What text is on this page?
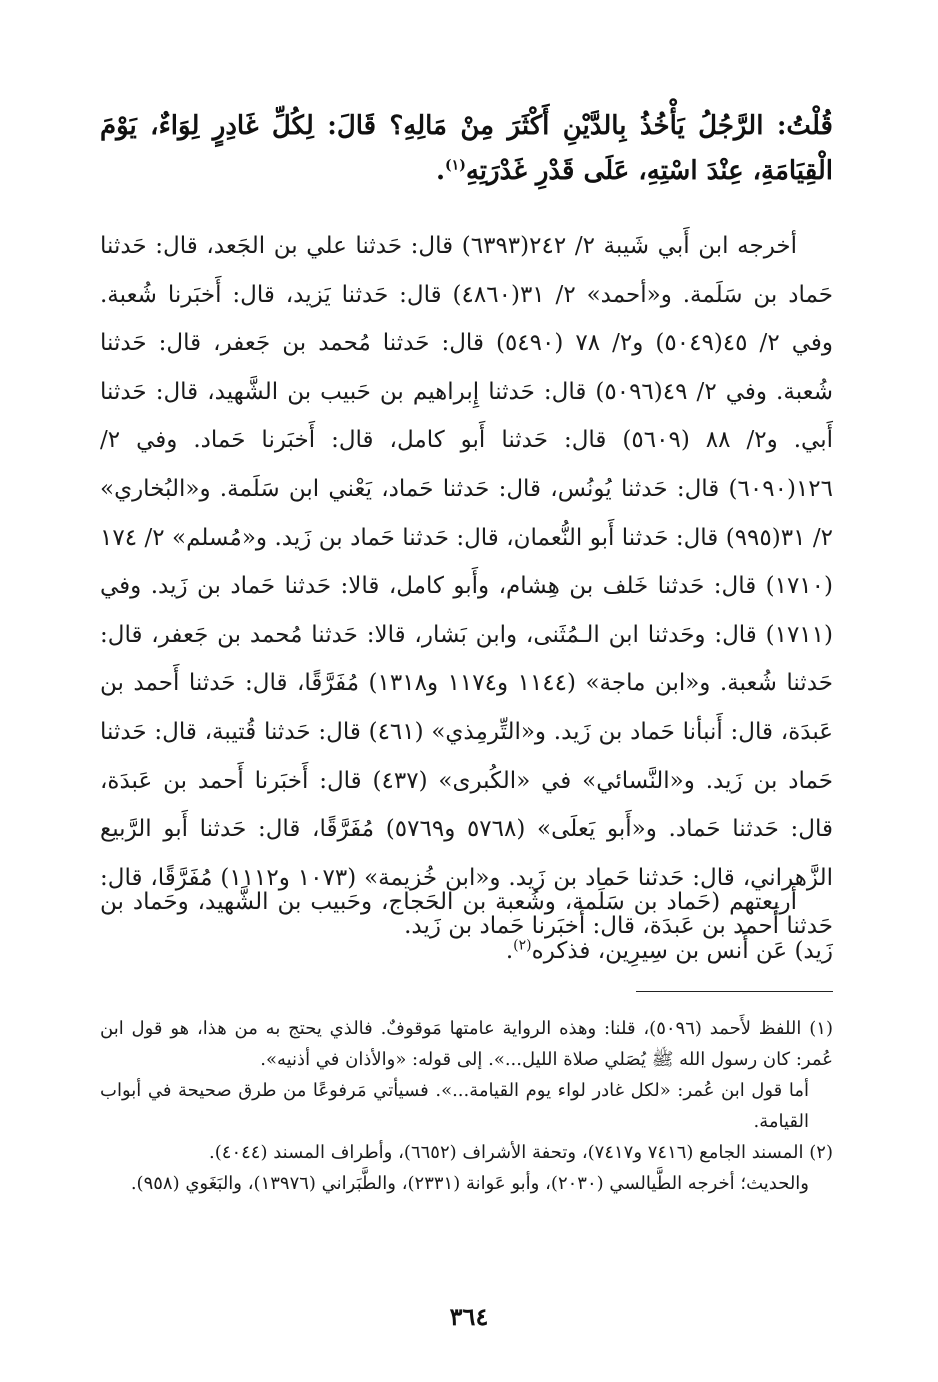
قُلْتُ: الرَّجُلُ يَأْخُذُ بِالدَّيْنِ أَكْثَرَ مِنْ مَالِهِ؟ قَالَ: لِكُلِّ غَادِرٍ لِوَاءٌ، يَوْمَ الْقِيَامَةِ، عِنْدَ اسْتِهِ، عَلَى قَدْرِ غَدْرَتِهِ$^{(١)}$.
أخرجه ابن أَبي شَيبة ٢/ ٢٤٢(٦٣٩٣) قال: حَدثنا علي بن الجَعد، قال: حَدثنا حَماد بن سَلَمة. و«أحمد» ٢/ ٣١(٤٨٦٠) قال: حَدثنا يَزيد، قال: أَخبَرنا شُعبة. وفي ٢/ ٤٥(٥٠٤٩) و٢/ ٧٨ (٥٤٩٠) قال: حَدثنا مُحمد بن جَعفر، قال: حَدثنا شُعبة. وفي ٢/ ٤٩(٥٠٩٦) قال: حَدثنا إِبراهيم بن حَبيب بن الشَّهيد، قال: حَدثنا أَبي. و٢/ ٨٨ (٥٦٠٩) قال: حَدثنا أَبو كامل، قال: أَخبَرنا حَماد. وفي ٢/ ١٢٦(٦٠٩٠) قال: حَدثنا يُونُس، قال: حَدثنا حَماد، يَعْني ابن سَلَمة. و«البُخاري» ٢/ ٣١(٩٩٥) قال: حَدثنا أَبو النُّعمان، قال: حَدثنا حَماد بن زَيد. و«مُسلم» ٢/ ١٧٤ (١٧١٠) قال: حَدثنا خَلف بن هِشام، وأَبو كامل، قالا: حَدثنا حَماد بن زَيد. وفي (١٧١١) قال: وحَدثنا ابن الـمُثَنى، وابن بَشار، قالا: حَدثنا مُحمد بن جَعفر، قال: حَدثنا شُعبة. و«ابن ماجة» (١١٤٤ و١١٧٤ و١٣١٨) مُفَرَّقًا، قال: حَدثنا أَحمد بن عَبدَة، قال: أَنبأنا حَماد بن زَيد. و«التِّرمِذي» (٤٦١) قال: حَدثنا قُتيبة، قال: حَدثنا حَماد بن زَيد. و«النَّسائي» في «الكُبرى» (٤٣٧) قال: أَخبَرنا أَحمد بن عَبدَة، قال: حَدثنا حَماد. و«أَبو يَعلَى» (٥٧٦٨ و٥٧٦٩) مُفَرَّقًا، قال: حَدثنا أَبو الرَّبيع الزَّهراني، قال: حَدثنا حَماد بن زَيد. و«ابن خُزيمة» (١٠٧٣ و١١١٢) مُفَرَّقًا، قال: حَدثنا أَحمد بن عَبدَة، قال: أَخبَرنا حَماد بن زَيد.
أَربعتهم (حَماد بن سَلَمة، وشُعبة بن الحَجاج، وحَبيب بن الشَّهيد، وحَماد بن زَيد) عَن أَنس بن سِيرِين، فذكره$^{(٢)}$.
(١) اللفظ لأَحمد (٥٠٩٦)، قلنا: وهذه الرواية عامتها مَوقوفٌ. فالذي يحتج به من هذا، هو قول ابن عُمر: كان رسول الله ﷺ يُصَلي صلاة الليل...». إلى قوله: «والأذان في أذنيه».
أما قول ابن عُمر: «لكل غادر لواء يوم القيامة...». فسيأتي مَرفوعًا من طرق صحيحة في أبواب القيامة.
(٢) المسند الجامع (٧٤١٦ و٧٤١٧)، وتحفة الأشراف (٦٦٥٢)، وأطراف المسند (٤٠٤٤).
والحديث؛ أخرجه الطَّيالسي (٢٠٣٠)، وأبو عَوانة (٢٣٣١)، والطَّبَراني (١٣٩٧٦)، والبَغَوي (٩٥٨).
٣٦٤
